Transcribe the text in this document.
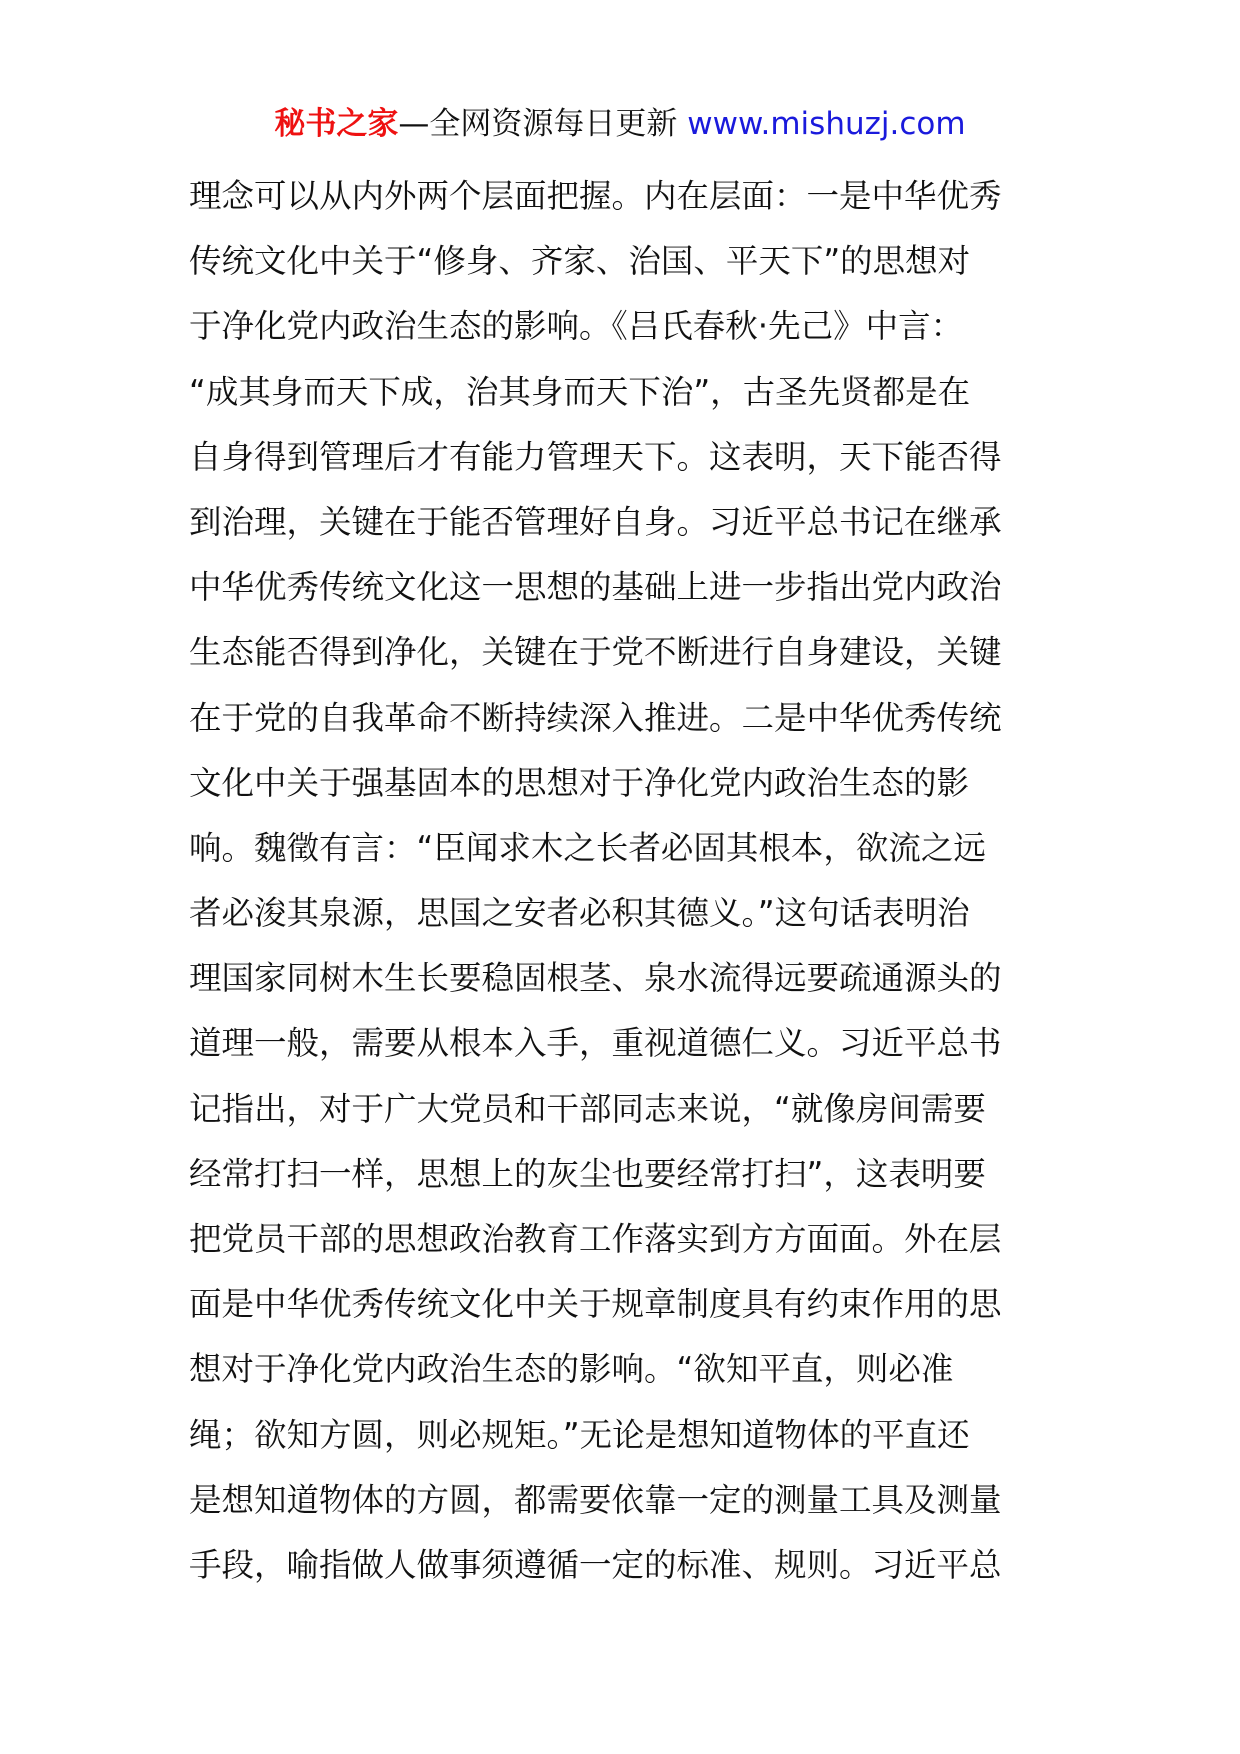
秘书之家—全网资源每日更新 www.mishuzj.com
理念可以从内外两个层面把握。内在层面：一是中华优秀
传统文化中关于“修身、齐家、治国、平天下”的思想对
于净化党内政治生态的影响。《吕氏春秋·先己》中言：
“成其身而天下成，治其身而天下治”，古圣先贤都是在
自身得到管理后才有能力管理天下。这表明，天下能否得
到治理，关键在于能否管理好自身。习近平总书记在继承
中华优秀传统文化这一思想的基础上进一步指出党内政治
生态能否得到净化，关键在于党不断进行自身建设，关键
在于党的自我革命不断持续深入推进。二是中华优秀传统
文化中关于强基固本的思想对于净化党内政治生态的影
响。魏徵有言：“臣闻求木之长者必固其根本，欲流之远
者必浚其泉源，思国之安者必积其德义。”这句话表明治
理国家同树木生长要稳固根茎、泉水流得远要疏通源头的
道理一般，需要从根本入手，重视道德仁义。习近平总书
记指出，对于广大党员和干部同志来说，“就像房间需要
经常打扫一样，思想上的灰尘也要经常打扫”，这表明要
把党员干部的思想政治教育工作落实到方方面面。外在层
面是中华优秀传统文化中关于规章制度具有约束作用的思
想对于净化党内政治生态的影响。“欲知平直，则必准
绳；欲知方圆，则必规矩。”无论是想知道物体的平直还
是想知道物体的方圆，都需要依靠一定的测量工具及测量
手段，喻指做人做事须遵循一定的标准、规则。习近平总
